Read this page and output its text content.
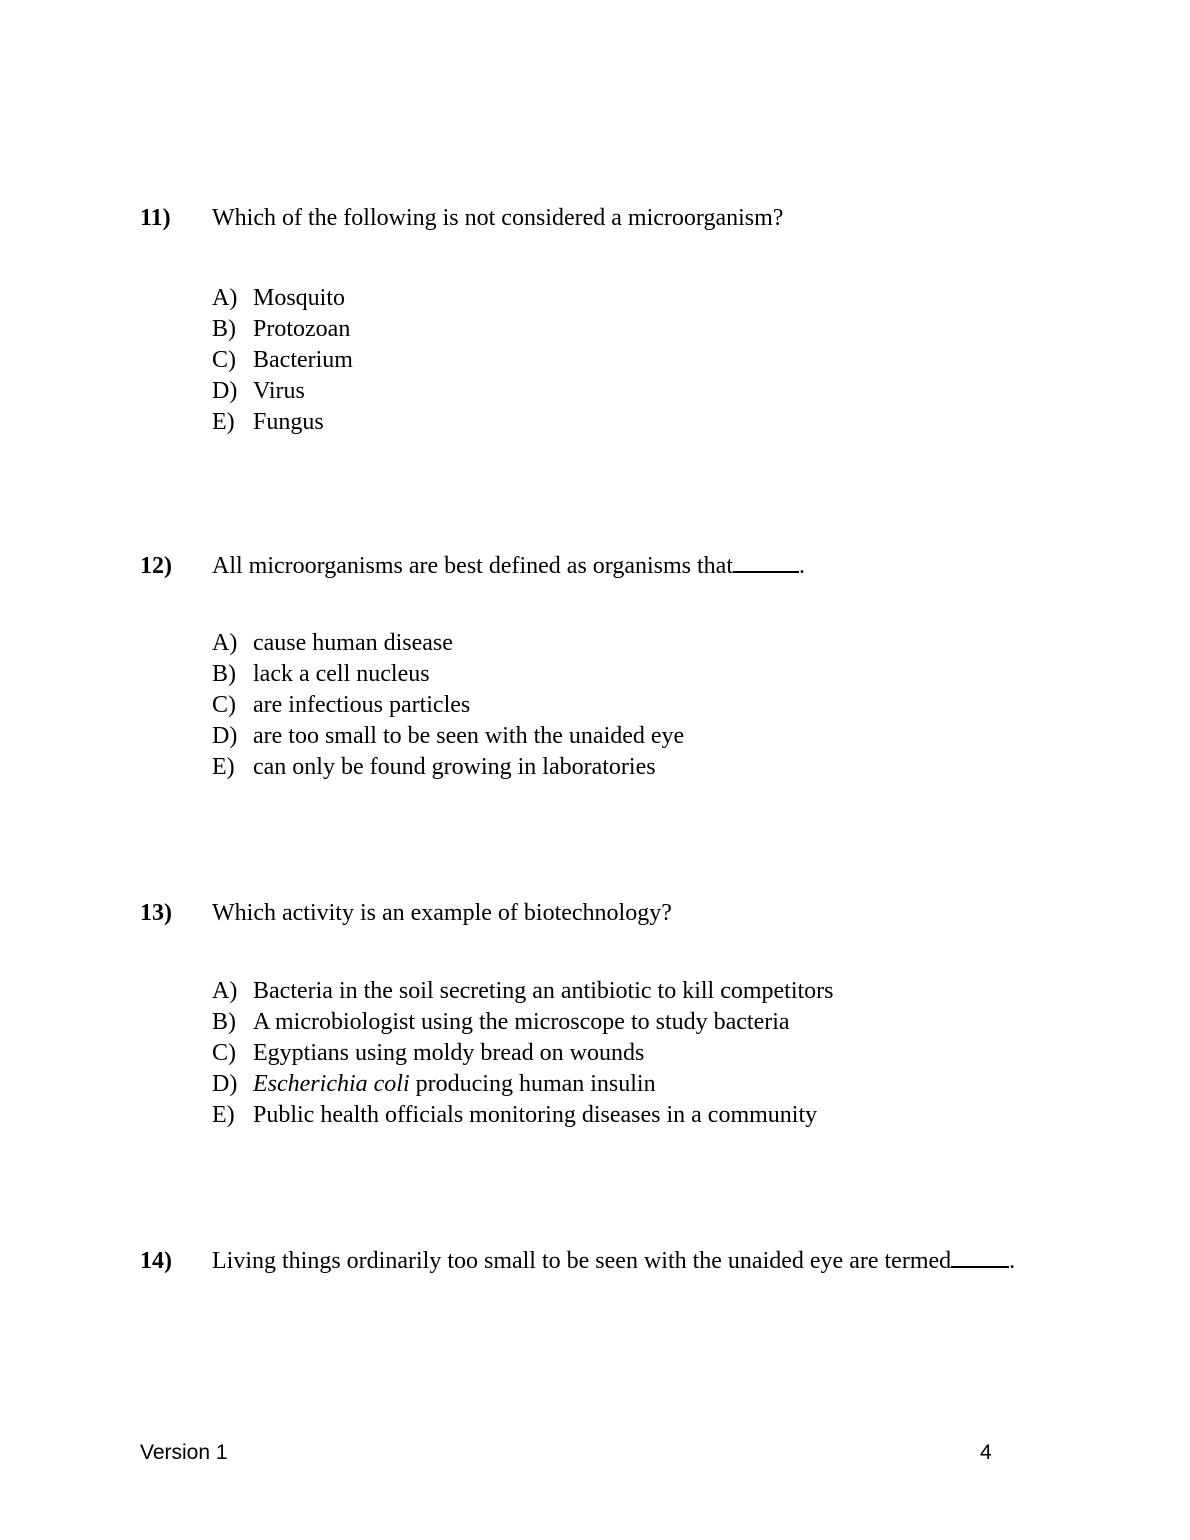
11) Which of the following is not considered a microorganism?
A) Mosquito
B) Protozoan
C) Bacterium
D) Virus
E) Fungus
12) All microorganisms are best defined as organisms that	.
A) cause human disease
B) lack a cell nucleus
C) are infectious particles
D) are too small to be seen with the unaided eye
E) can only be found growing in laboratories
13) Which activity is an example of biotechnology?
A) Bacteria in the soil secreting an antibiotic to kill competitors
B) A microbiologist using the microscope to study bacteria
C) Egyptians using moldy bread on wounds
D) Escherichia coli producing human insulin
E) Public health officials monitoring diseases in a community
14) Living things ordinarily too small to be seen with the unaided eye are termed .
Version 1	4
